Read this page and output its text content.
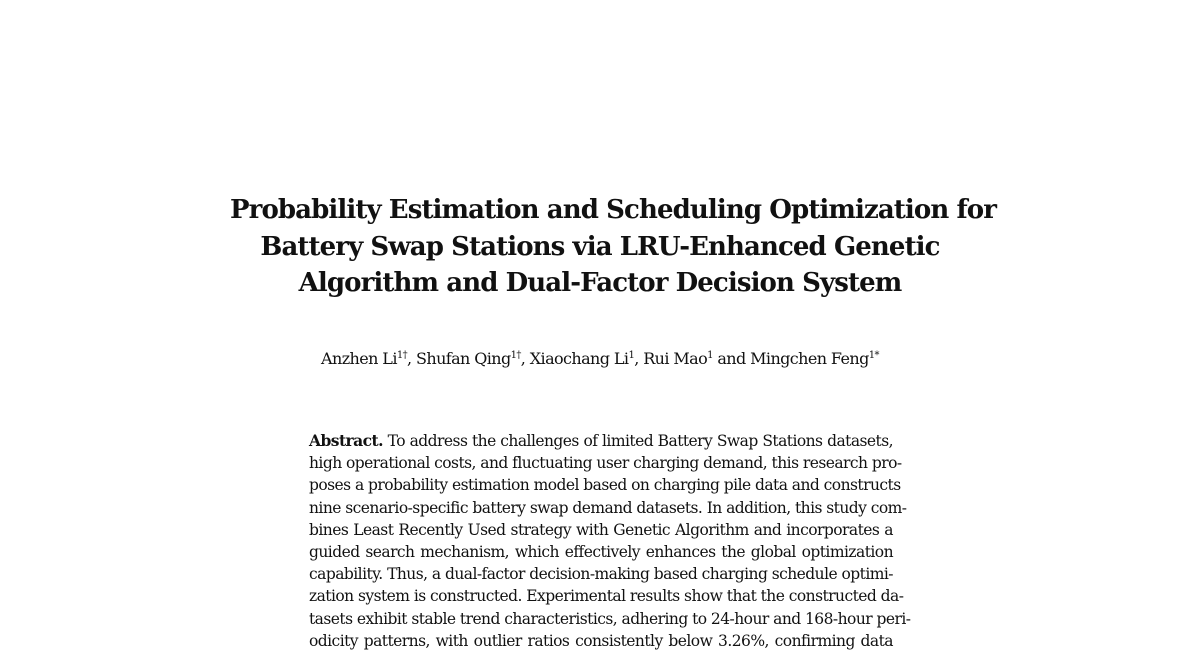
Probability Estimation and Scheduling Optimization for
Battery Swap Stations via LRU-Enhanced Genetic
Algorithm and Dual-Factor Decision System
Anzhen $Li^{1\dagger}$, Shufan Qing$^{1\dagger}$, Xiaochang Li$^1$, Rui Mao$^1$ and Mingchen Feng$^{1*}$
Abstract. To address the challenges of limited Battery Swap Stations datasets,
high operational costs, and fluctuating user charging demand, this research pro-
poses a probability estimation model based on charging pile data and constructs
nine scenario-specific battery swap demand datasets. In addition, this study com-
bines Least Recently Used strategy with Genetic Algorithm and incorporates a
guided search mechanism, which effectively enhances the global optimization
capability. Thus, a dual-factor decision-making based charging schedule optimi-
zation system is constructed. Experimental results show that the constructed da-
tasets exhibit stable trend characteristics, adhering to 24-hour and 168-hour peri-
odicity patterns, with outlier ratios consistently below 3.26%, confirming data
